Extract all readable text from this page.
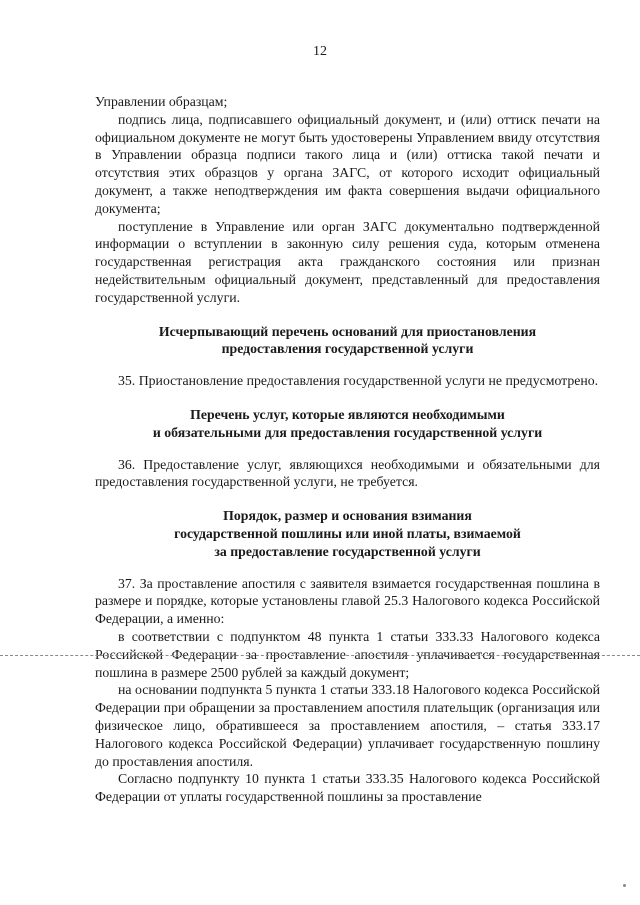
12

Управлении образцам;

подпись лица, подписавшего официальный документ, и (или) оттиск печати на официальном документе не могут быть удостоверены Управлением ввиду отсутствия в Управлении образца подписи такого лица и (или) оттиска такой печати и отсутствия этих образцов у органа ЗАГС, от которого исходит официальный документ, а также неподтверждения им факта совершения выдачи официального документа;

поступление в Управление или орган ЗАГС документально подтвержденной информации о вступлении в законную силу решения суда, которым отменена государственная регистрация акта гражданского состояния или признан недействительным официальный документ, представленный для предоставления государственной услуги.

Исчерпывающий перечень оснований для приостановления

предоставления государственной услуги

35. Приостановление предоставления государственной услуги не предусмотрено.

Перечень услуг, которые являются необходимыми

и обязательными для предоставления государственной услуги

36. Предоставление услуг, являющихся необходимыми и обязательными для предоставления государственной услуги, не требуется.

Порядок, размер и основания взимания

государственной пошлины или иной платы, взимаемой

за предоставление государственной услуги

37. За проставление апостиля с заявителя взимается государственная пошлина в размере и порядке, которые установлены главой 25.3 Налогового кодекса Российской Федерации, а именно:

в соответствии с подпунктом 48 пункта 1 статьи 333.33 Налогового кодекса Российской Федерации за проставление апостиля уплачивается государственная пошлина в размере 2500 рублей за каждый документ;

на основании подпункта 5 пункта 1 статьи 333.18 Налогового кодекса Российской Федерации при обращении за проставлением апостиля плательщик (организация или физическое лицо, обратившееся за проставлением апостиля, – статья 333.17 Налогового кодекса Российской Федерации) уплачивает государственную пошлину до проставления апостиля.

Согласно подпункту 10 пункта 1 статьи 333.35 Налогового кодекса Российской Федерации от уплаты государственной пошлины за проставление
